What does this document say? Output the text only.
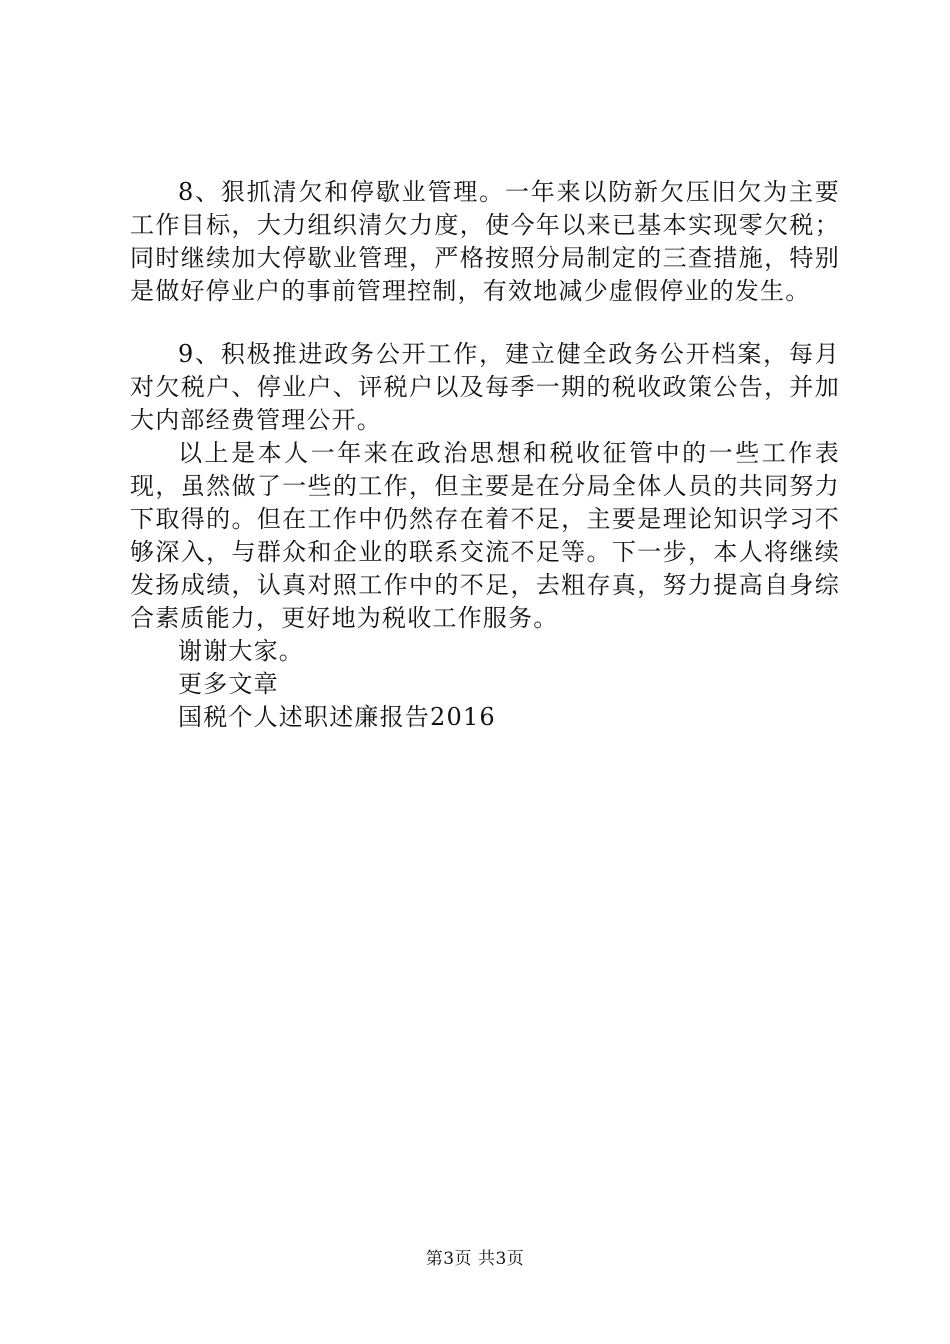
8、狠抓清欠和停歇业管理。一年来以防新欠压旧欠为主要工作目标，大力组织清欠力度，使今年以来已基本实现零欠税；同时继续加大停歇业管理，严格按照分局制定的三查措施，特别是做好停业户的事前管理控制，有效地减少虚假停业的发生。

9、积极推进政务公开工作，建立健全政务公开档案，每月对欠税户、停业户、评税户以及每季一期的税收政策公告，并加大内部经费管理公开。

以上是本人一年来在政治思想和税收征管中的一些工作表现，虽然做了一些的工作，但主要是在分局全体人员的共同努力下取得的。但在工作中仍然存在着不足，主要是理论知识学习不够深入，与群众和企业的联系交流不足等。下一步，本人将继续发扬成绩，认真对照工作中的不足，去粗存真，努力提高自身综合素质能力，更好地为税收工作服务。

谢谢大家。

更多文章

国税个人述职述廉报告2016

第3页 共3页
